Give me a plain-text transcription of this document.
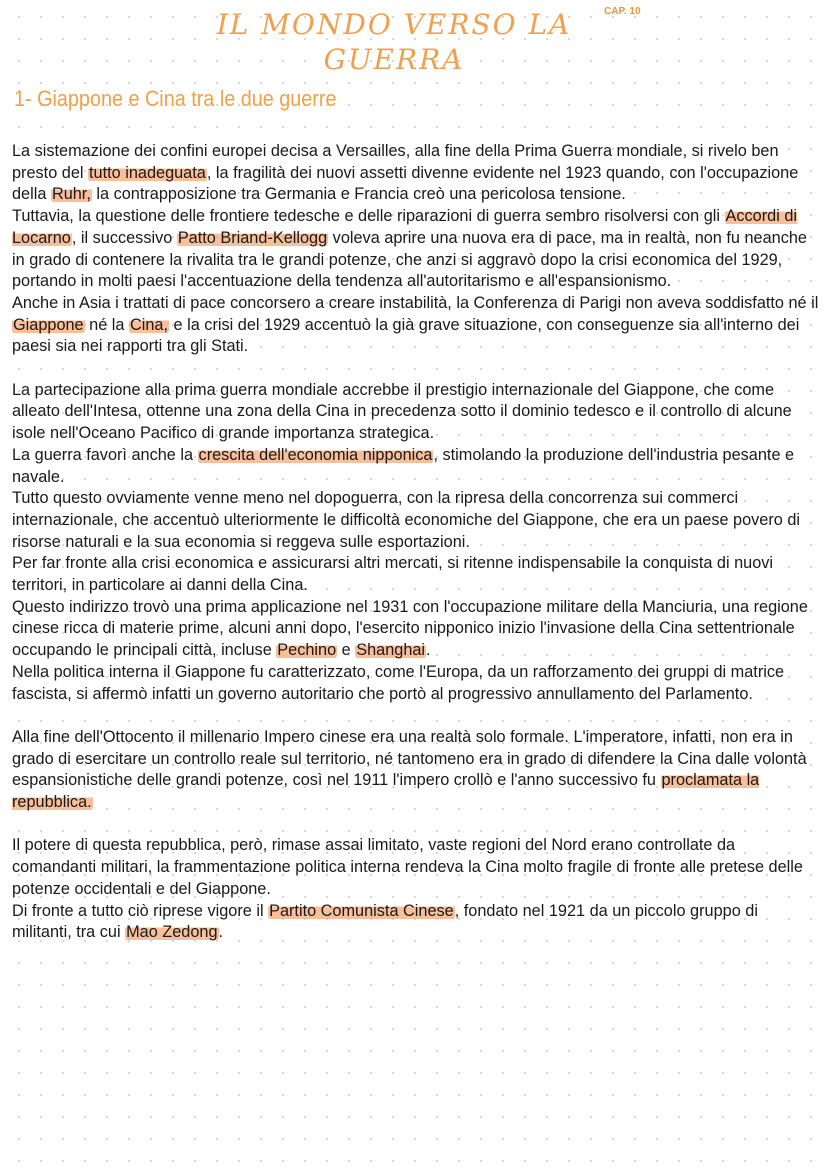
IL MONDO VERSO LA
GUERRA
CAP. 10
1- Giappone e Cina tra le due guerre

La sistemazione dei confini europei decisa a Versailles, alla fine della Prima Guerra mondiale, si rivelo ben presto del tutto inadeguata, la fragilità dei nuovi assetti divenne evidente nel 1923 quando, con l'occupazione della Ruhr, la contrapposizione tra Germania e Francia creò una pericolosa tensione.

Tuttavia, la questione delle frontiere tedesche e delle riparazioni di guerra sembro risolversi con gli Accordi di Locarno, il successivo Patto Briand-Kellogg voleva aprire una nuova era di pace, ma in realtà, non fu neanche in grado di contenere la rivalita tra le grandi potenze, che anzi si aggravò dopo la crisi economica del 1929, portando in molti paesi l'accentuazione della tendenza all'autoritarismo e all'espansionismo.

Anche in Asia i trattati di pace concorsero a creare instabilità, la Conferenza di Parigi non aveva soddisfatto né il Giappone né la Cina, e la crisi del 1929 accentuò la già grave situazione, con conseguenze sia all'interno dei paesi sia nei rapporti tra gli Stati.

La partecipazione alla prima guerra mondiale accrebbe il prestigio internazionale del Giappone, che come alleato dell'Intesa, ottenne una zona della Cina in precedenza sotto il dominio tedesco e il controllo di alcune isole nell'Oceano Pacifico di grande importanza strategica.

La guerra favorì anche la crescita dell'economia nipponica, stimolando la produzione dell'industria pesante e navale.

Tutto questo ovviamente venne meno nel dopoguerra, con la ripresa della concorrenza sui commerci internazionale, che accentuò ulteriormente le difficoltà economiche del Giappone, che era un paese povero di risorse naturali e la sua economia si reggeva sulle esportazioni.

Per far fronte alla crisi economica e assicurarsi altri mercati, si ritenne indispensabile la conquista di nuovi territori, in particolare ai danni della Cina.

Questo indirizzo trovò una prima applicazione nel 1931 con l'occupazione militare della Manciuria, una regione cinese ricca di materie prime, alcuni anni dopo, l'esercito nipponico inizio l'invasione della Cina settentrionale occupando le principali città, incluse Pechino e Shanghai.

Nella politica interna il Giappone fu caratterizzato, come l'Europa, da un rafforzamento dei gruppi di matrice fascista, si affermò infatti un governo autoritario che portò al progressivo annullamento del Parlamento.

Alla fine dell'Ottocento il millenario Impero cinese era una realtà solo formale. L'imperatore, infatti, non era in grado di esercitare un controllo reale sul territorio, né tantomeno era in grado di difendere la Cina dalle volontà espansionistiche delle grandi potenze, così nel 1911 l'impero crollò e l'anno successivo fu proclamata la repubblica.

Il potere di questa repubblica, però, rimase assai limitato, vaste regioni del Nord erano controllate da comandanti militari, la frammentazione politica interna rendeva la Cina molto fragile di fronte alle pretese delle potenze occidentali e del Giappone.

Di fronte a tutto ciò riprese vigore il Partito Comunista Cinese, fondato nel 1921 da un piccolo gruppo di militanti, tra cui Mao Zedong.
